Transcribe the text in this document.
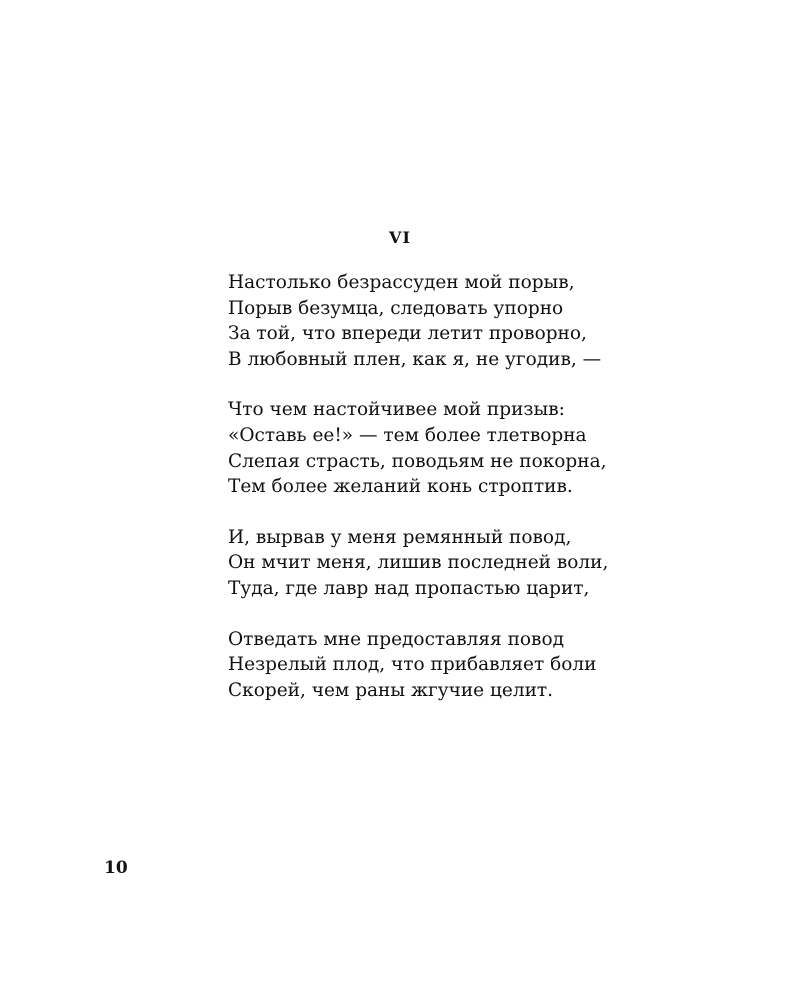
VI
Настолько безрассуден мой порыв,
Порыв безумца, следовать упорно
За той, что впереди летит проворно,
В любовный плен, как я, не угодив, —
Что чем настойчивее мой призыв:
«Оставь ее!» — тем более тлетворна
Слепая страсть, поводьям не покорна,
Тем более желаний конь строптив.
И, вырвав у меня ремянный повод,
Он мчит меня, лишив последней воли,
Туда, где лавр над пропастью царит,
Отведать мне предоставляя повод
Незрелый плод, что прибавляет боли
Скорей, чем раны жгучие целит.
10
